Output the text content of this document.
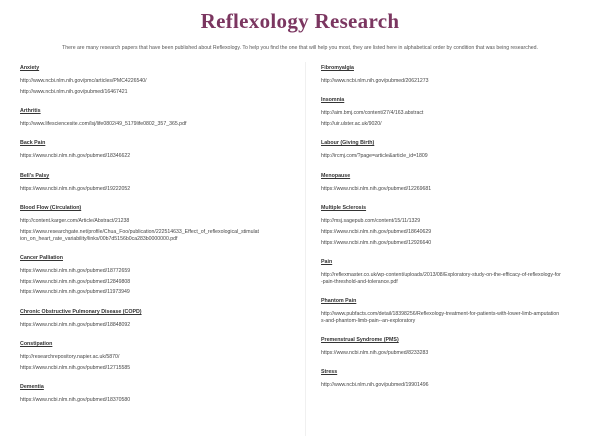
Reflexology Research
There are many research papers that have been published about Reflexology. To help you find the one that will help you most, they are listed here in alphabetical order by condition that was being researched.
Anxiety
http://www.ncbi.nlm.nih.gov/pmc/articles/PMC4226540/
http://www.ncbi.nlm.nih.gov/pubmed/16467421
Arthritis
http://www.lifesciencesite.com/lsj/life0802/49_5179life0802_357_365.pdf
Back Pain
https://www.ncbi.nlm.nih.gov/pubmed/18346622
Bell's Palsy
https://www.ncbi.nlm.nih.gov/pubmed/19222052
Blood Flow (Circulation)
http://content.karger.com/Article/Abstract/21238
https://www.researchgate.net/profile/Chua_Foo/publication/222514633_Effect_of_reflexological_stimulation_on_heart_rate_variability/links/00b7d5156b0ca283b0000000.pdf
Cancer Palliation
https://www.ncbi.nlm.nih.gov/pubmed/18772659
https://www.ncbi.nlm.nih.gov/pubmed/12849808
https://www.ncbi.nlm.nih.gov/pubmed/11973949
Chronic Obstructive Pulmonary Disease (COPD)
https://www.ncbi.nlm.nih.gov/pubmed/18848092
Constipation
http://researchrepository.napier.ac.uk/5870/
https://www.ncbi.nlm.nih.gov/pubmed/12715585
Dementia
https://www.ncbi.nlm.nih.gov/pubmed/18370580
Fibromyalgia
http://www.ncbi.nlm.nih.gov/pubmed/20621273
Insomnia
http://aim.bmj.com/content/27/4/163.abstract
http://uir.ulster.ac.uk/9020/
Labour (Giving Birth)
http://ircmj.com/?page=article&article_id=1809
Menopause
https://www.ncbi.nlm.nih.gov/pubmed/12269681
Multiple Sclerosis
http://msj.sagepub.com/content/15/11/1329
https://www.ncbi.nlm.nih.gov/pubmed/18640629
https://www.ncbi.nlm.nih.gov/pubmed/12926640
Pain
http://reflexmaster.co.uk/wp-content/uploads/2013/08/Exploratory-study-on-the-efficacy-of-reflexology-for-pain-threshold-and-tolerance.pdf
Phantom Pain
http://www.pubfacts.com/detail/18398256/Reflexology-treatment-for-patients-with-lower-limb-amputations-and-phantom-limb-pain--an-exploratory
Premenstrual Syndrome (PMS)
https://www.ncbi.nlm.nih.gov/pubmed/8233283
Stress
http://www.ncbi.nlm.nih.gov/pubmed/19901496
